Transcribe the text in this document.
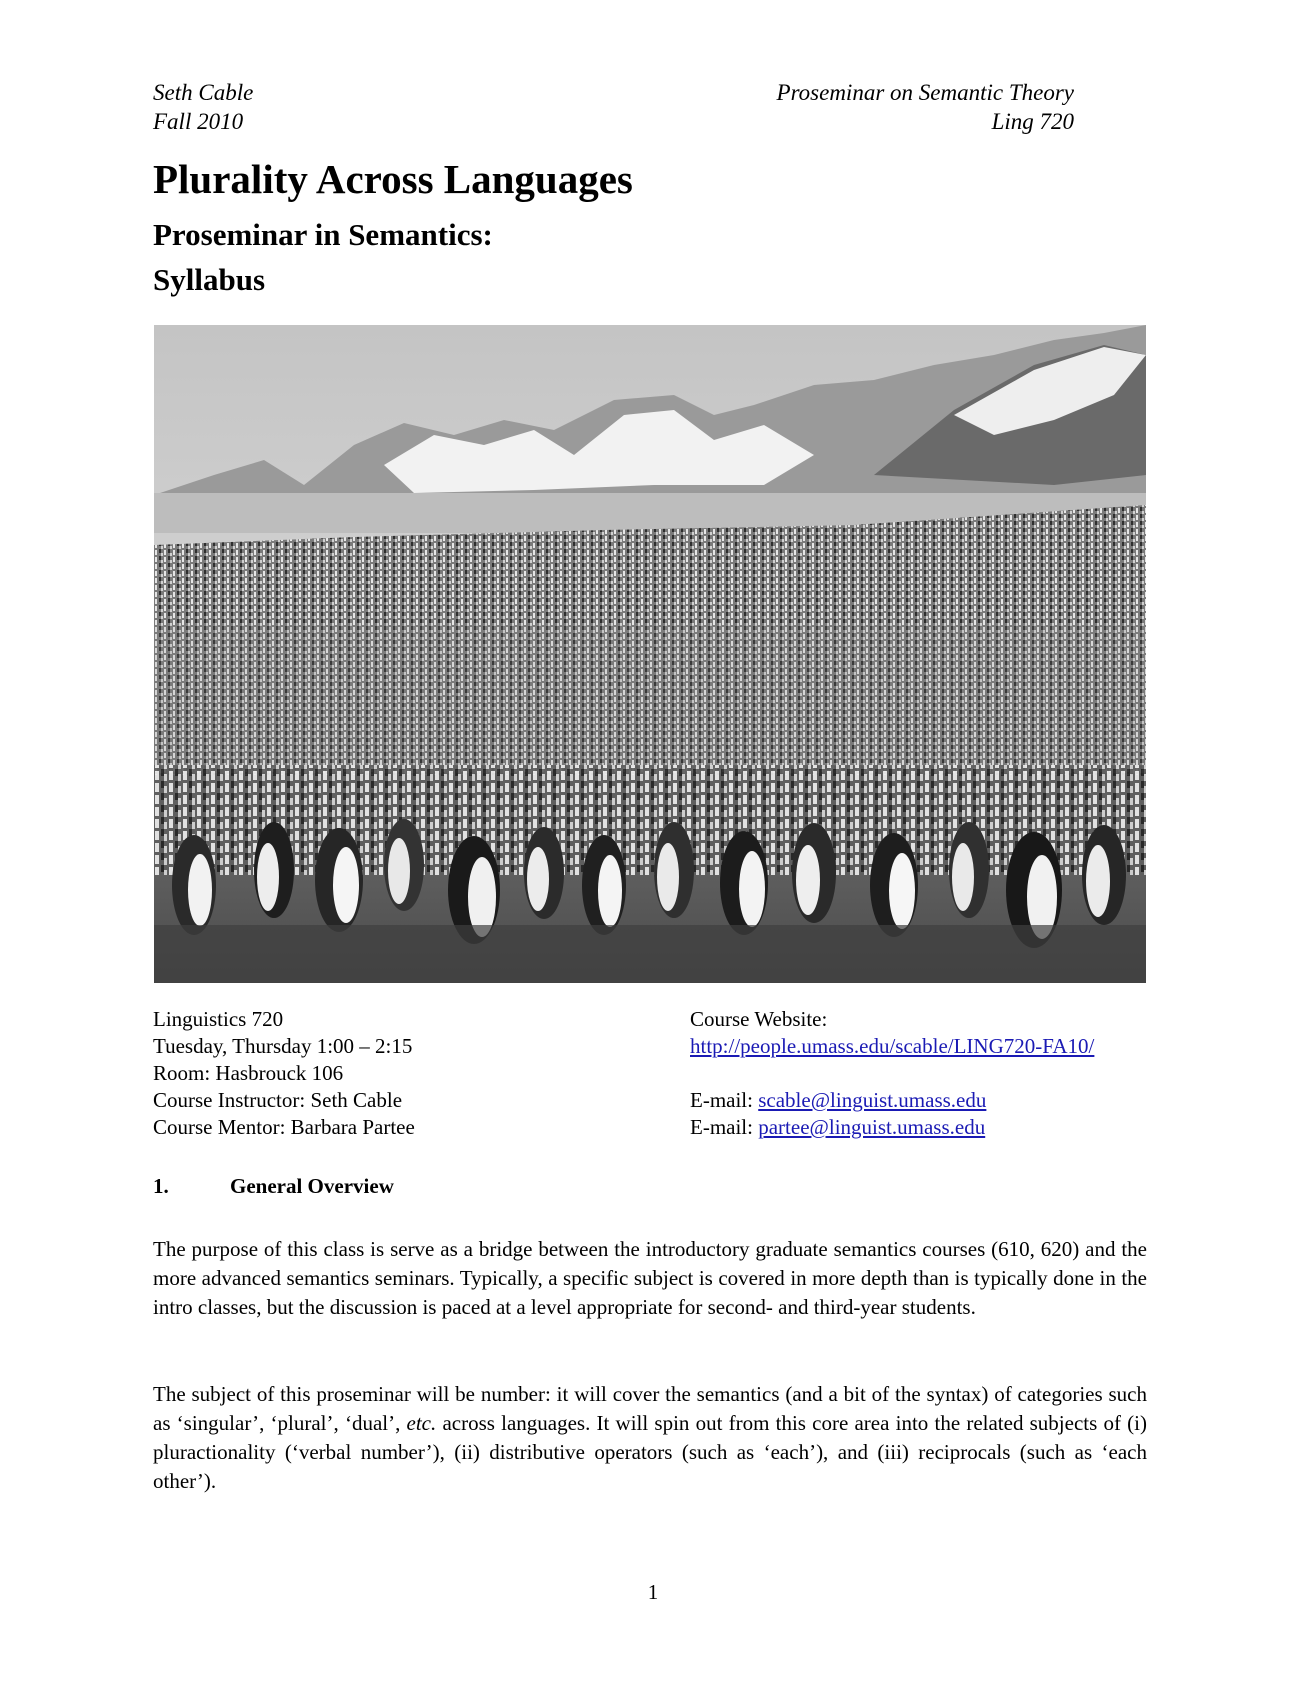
Seth Cable
Fall 2010
Proseminar on Semantic Theory
Ling 720
Plurality Across Languages
Proseminar in Semantics:
Syllabus
Linguistics 720
Tuesday, Thursday 1:00 – 2:15
Room: Hasbrouck 106
Course Instructor: Seth Cable
Course Mentor: Barbara Partee
Course Website:
http://people.umass.edu/scable/LING720-FA10/
E-mail: scable@linguist.umass.edu
E-mail: partee@linguist.umass.edu
1.	General Overview

The purpose of this class is serve as a bridge between the introductory graduate semantics courses (610, 620) and the more advanced semantics seminars. Typically, a specific subject is covered in more depth than is typically done in the intro classes, but the discussion is paced at a level appropriate for second- and third-year students.

The subject of this proseminar will be number: it will cover the semantics (and a bit of the syntax) of categories such as ‘singular’, ‘plural’, ‘dual’, etc. across languages. It will spin out from this core area into the related subjects of (i) pluractionality (‘verbal number’), (ii) distributive operators (such as ‘each’), and (iii) reciprocals (such as ‘each other’).

1
